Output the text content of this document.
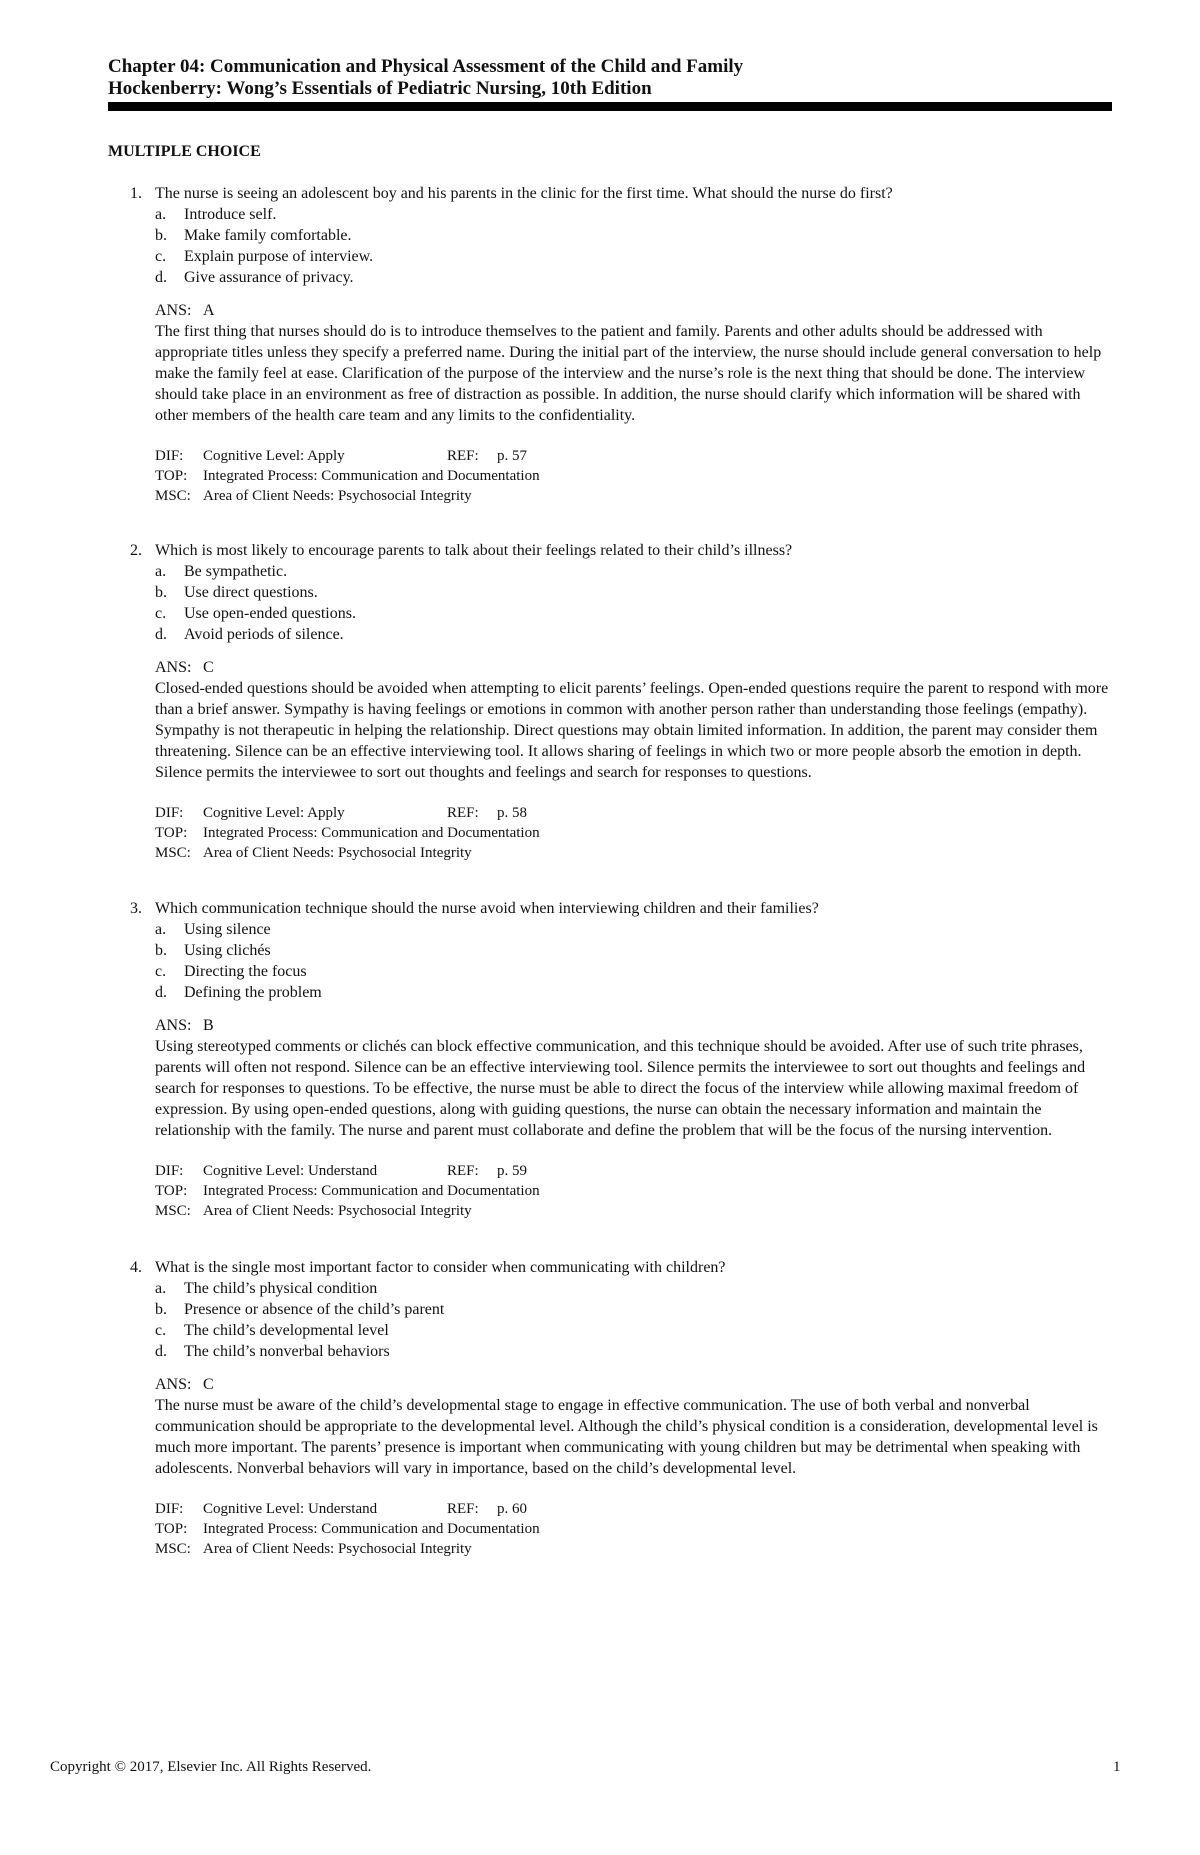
Chapter 04: Communication and Physical Assessment of the Child and Family

Hockenberry: Wong’s Essentials of Pediatric Nursing, 10th Edition

MULTIPLE CHOICE
1. The nurse is seeing an adolescent boy and his parents in the clinic for the first time. What should the nurse do first?
a. Introduce self.
b. Make family comfortable.
c. Explain purpose of interview.
d. Give assurance of privacy.
ANS: A

The first thing that nurses should do is to introduce themselves to the patient and family. Parents and other adults should be addressed with appropriate titles unless they specify a preferred name. During the initial part of the interview, the nurse should include general conversation to help make the family feel at ease. Clarification of the purpose of the interview and the nurse’s role is the next thing that should be done. The interview should take place in an environment as free of distraction as possible. In addition, the nurse should clarify which information will be shared with other members of the health care team and any limits to the confidentiality.

DIF: Cognitive Level: Apply	REF: p. 57
TOP: Integrated Process: Communication and Documentation
MSC: Area of Client Needs: Psychosocial Integrity
2. Which is most likely to encourage parents to talk about their feelings related to their child’s illness?
a. Be sympathetic.
b. Use direct questions.
c. Use open-ended questions.
d. Avoid periods of silence.
ANS: C

Closed-ended questions should be avoided when attempting to elicit parents’ feelings. Open-ended questions require the parent to respond with more than a brief answer. Sympathy is having feelings or emotions in common with another person rather than understanding those feelings (empathy). Sympathy is not therapeutic in helping the relationship. Direct questions may obtain limited information. In addition, the parent may consider them threatening. Silence can be an effective interviewing tool. It allows sharing of feelings in which two or more people absorb the emotion in depth. Silence permits the interviewee to sort out thoughts and feelings and search for responses to questions.

DIF: Cognitive Level: Apply	REF: p. 58
TOP: Integrated Process: Communication and Documentation
MSC: Area of Client Needs: Psychosocial Integrity
3. Which communication technique should the nurse avoid when interviewing children and their families?
a. Using silence
b. Using clichés
c. Directing the focus
d. Defining the problem
ANS: B

Using stereotyped comments or clichés can block effective communication, and this technique should be avoided. After use of such trite phrases, parents will often not respond. Silence can be an effective interviewing tool. Silence permits the interviewee to sort out thoughts and feelings and search for responses to questions. To be effective, the nurse must be able to direct the focus of the interview while allowing maximal freedom of expression. By using open-ended questions, along with guiding questions, the nurse can obtain the necessary information and maintain the relationship with the family. The nurse and parent must collaborate and define the problem that will be the focus of the nursing intervention.

DIF: Cognitive Level: Understand	REF: p. 59
TOP: Integrated Process: Communication and Documentation
MSC: Area of Client Needs: Psychosocial Integrity
4. What is the single most important factor to consider when communicating with children?
a. The child’s physical condition
b. Presence or absence of the child’s parent
c. The child’s developmental level
d. The child’s nonverbal behaviors
ANS: C

The nurse must be aware of the child’s developmental stage to engage in effective communication. The use of both verbal and nonverbal communication should be appropriate to the developmental level. Although the child’s physical condition is a consideration, developmental level is much more important. The parents’ presence is important when communicating with young children but may be detrimental when speaking with adolescents. Nonverbal behaviors will vary in importance, based on the child’s developmental level.

DIF: Cognitive Level: Understand	REF: p. 60
TOP: Integrated Process: Communication and Documentation
MSC: Area of Client Needs: Psychosocial Integrity
Copyright © 2017, Elsevier Inc. All Rights Reserved.	1
